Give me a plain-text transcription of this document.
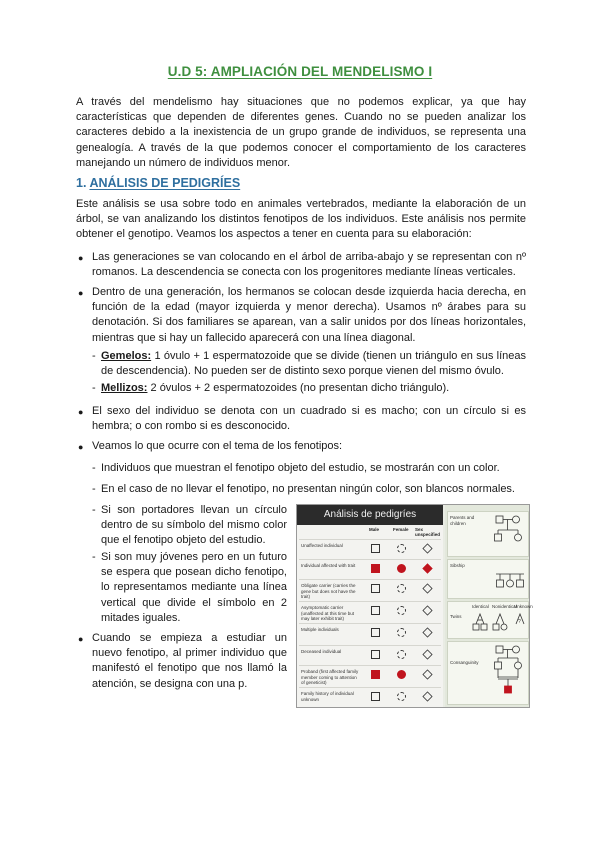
U.D 5: AMPLIACIÓN DEL MENDELISMO I
A través del mendelismo hay situaciones que no podemos explicar, ya que hay características que dependen de diferentes genes. Cuando no se pueden analizar los caracteres debido a la inexistencia de un grupo grande de individuos, se representa una genealogía. A través de la que podemos conocer el comportamiento de los caracteres manejando un número de individuos menor.
1. ANÁLISIS DE PEDIGRÍES
Este análisis se usa sobre todo en animales vertebrados, mediante la elaboración de un árbol, se van analizando los distintos fenotipos de los individuos. Este análisis nos permite obtener el genotipo. Veamos los aspectos a tener en cuenta para su elaboración:
● Las generaciones se van colocando en el árbol de arriba-abajo y se representan con nº romanos. La descendencia se conecta con los progenitores mediante líneas verticales.
● Dentro de una generación, los hermanos se colocan desde izquierda hacia derecha, en función de la edad (mayor izquierda y menor derecha). Usamos nº árabes para su denotación. Si dos familiares se aparean, van a salir unidos por dos líneas horizontales, mientras que si hay un fallecido aparecerá con una línea diagonal.
- Gemelos: 1 óvulo + 1 espermatozoide que se divide (tienen un triángulo en sus líneas de descendencia). No pueden ser de distinto sexo porque vienen del mismo óvulo.
- Mellizos: 2 óvulos + 2 espermatozoides (no presentan dicho triángulo).
● El sexo del individuo se denota con un cuadrado si es macho; con un círculo si es hembra; o con rombo si es desconocido.
● Veamos lo que ocurre con el tema de los fenotipos:
- Individuos que muestran el fenotipo objeto del estudio, se mostrarán con un color.
- En el caso de no llevar el fenotipo, no presentan ningún color, son blancos normales.
- Si son portadores llevan un círculo dentro de su símbolo del mismo color que el fenotipo objeto del estudio.
- Si son muy jóvenes pero en un futuro se espera que posean dicho fenotipo, lo representamos mediante una línea vertical que divide el símbolo en 2 mitades iguales.
● Cuando se empieza a estudiar un nuevo fenotipo, al primer individuo que manifestó el fenotipo que nos llamó la atención, se designa con una p.
Análisis de pedigríes
Male	Female Sex unspecified
Unaffected individual
Individual affected with trait
Obligate carrier (carries the gene but does not have the trait)
Asymptomatic carrier (unaffected at this time but may later exhibit trait)
Multiple individuals
Deceased individual
Proband (first affected family member coming to attention of geneticist)
Family history of individual unknown
Parents and children
Sibship
Twins
Identical Nonidentical
Unknown
?
Consanguinity
